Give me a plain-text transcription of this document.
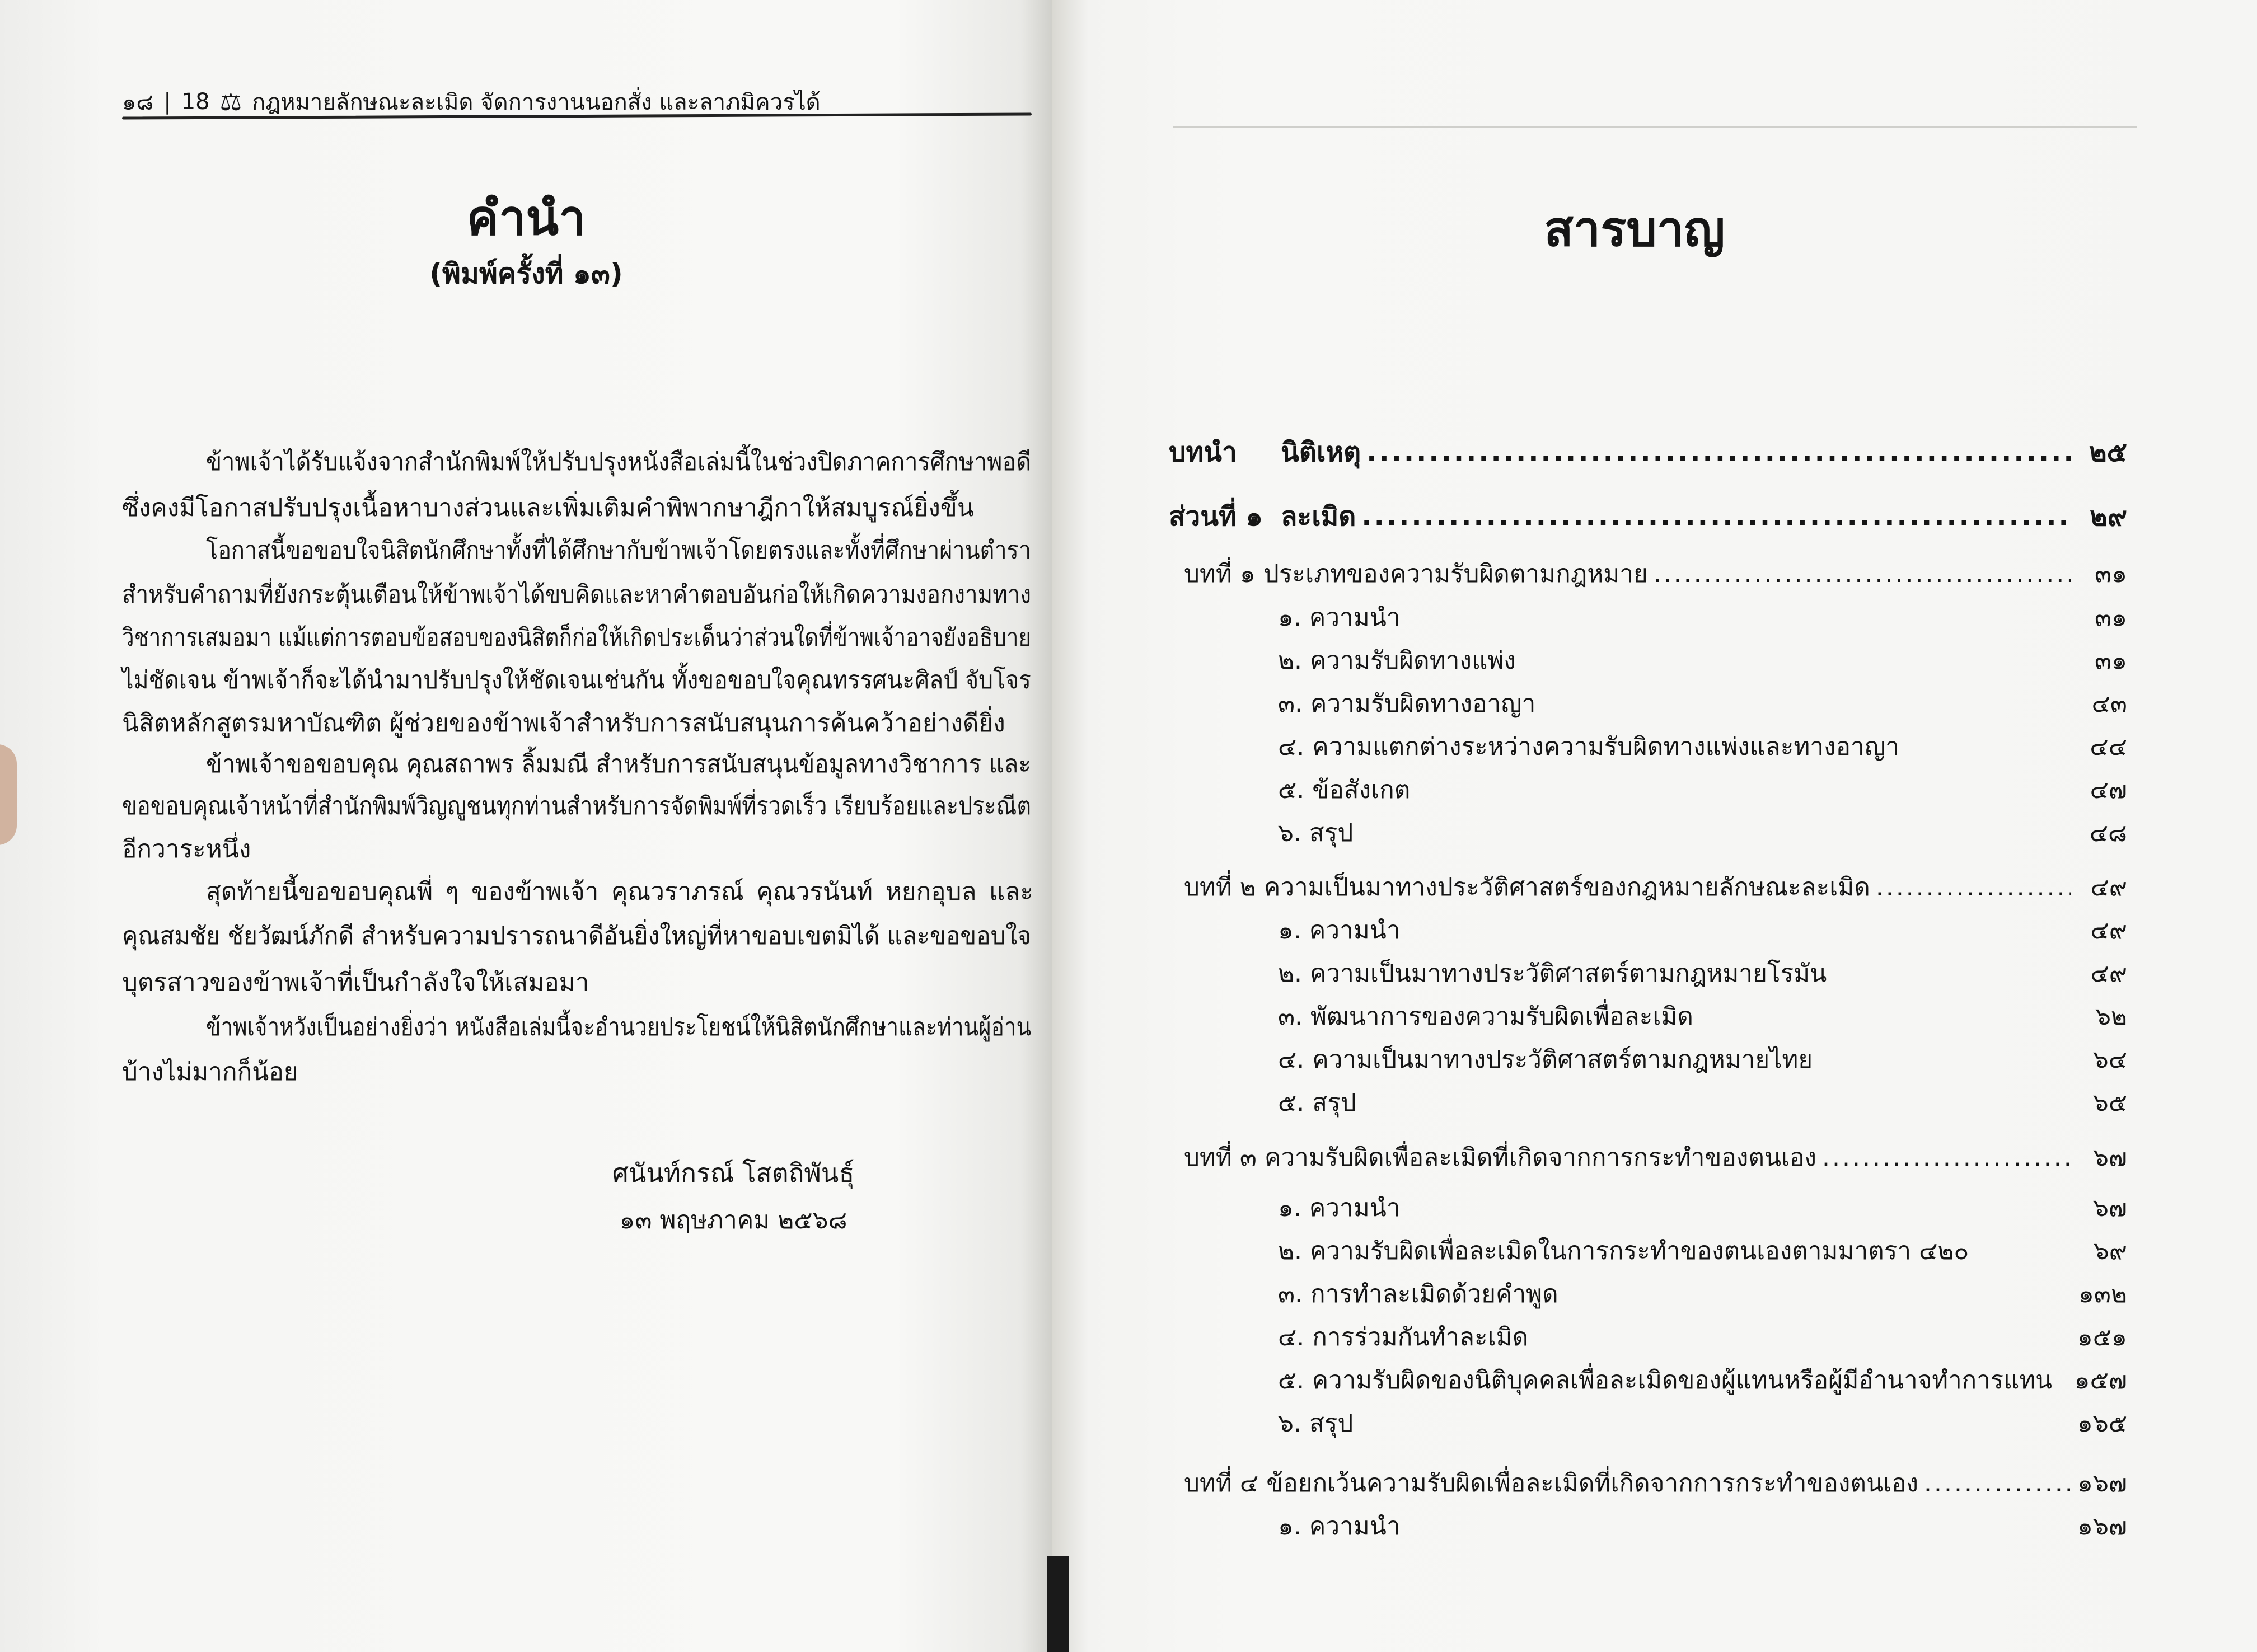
๑๘ | 18 ⚖ กฎหมายลักษณะละเมิด จัดการงานนอกสั่ง และลาภมิควรได้
คำนำ
(พิมพ์ครั้งที่ ๑๓)
ข้าพเจ้าได้รับแจ้งจากสำนักพิมพ์ให้ปรับปรุงหนังสือเล่มนี้ในช่วงปิดภาคการศึกษาพอดี
ซึ่งคงมีโอกาสปรับปรุงเนื้อหาบางส่วนและเพิ่มเติมคำพิพากษาฎีกาให้สมบูรณ์ยิ่งขึ้น
โอกาสนี้ขอขอบใจนิสิตนักศึกษาทั้งที่ได้ศึกษากับข้าพเจ้าโดยตรงและทั้งที่ศึกษาผ่านตำรา
สำหรับคำถามที่ยังกระตุ้นเตือนให้ข้าพเจ้าได้ขบคิดและหาคำตอบอันก่อให้เกิดความงอกงามทาง
วิชาการเสมอมา แม้แต่การตอบข้อสอบของนิสิตก็ก่อให้เกิดประเด็นว่าส่วนใดที่ข้าพเจ้าอาจยังอธิบาย
ไม่ชัดเจน ข้าพเจ้าก็จะได้นำมาปรับปรุงให้ชัดเจนเช่นกัน ทั้งขอขอบใจคุณทรรศนะศิลป์ จับโจร
นิสิตหลักสูตรมหาบัณฑิต ผู้ช่วยของข้าพเจ้าสำหรับการสนับสนุนการค้นคว้าอย่างดียิ่ง
ข้าพเจ้าขอขอบคุณ คุณสถาพร ลิ้มมณี สำหรับการสนับสนุนข้อมูลทางวิชาการ และ
ขอขอบคุณเจ้าหน้าที่สำนักพิมพ์วิญญูชนทุกท่านสำหรับการจัดพิมพ์ที่รวดเร็ว เรียบร้อยและประณีต
อีกวาระหนึ่ง
สุดท้ายนี้ขอขอบคุณพี่ ๆ ของข้าพเจ้า คุณวราภรณ์ คุณวรนันท์ หยกอุบล และ
คุณสมชัย ชัยวัฒน์ภักดี สำหรับความปรารถนาดีอันยิ่งใหญ่ที่หาขอบเขตมิได้ และขอขอบใจ
บุตรสาวของข้าพเจ้าที่เป็นกำลังใจให้เสมอมา
ข้าพเจ้าหวังเป็นอย่างยิ่งว่า หนังสือเล่มนี้จะอำนวยประโยชน์ให้นิสิตนักศึกษาและท่านผู้อ่าน
บ้างไม่มากก็น้อย
ศนันท์กรณ์ โสตถิพันธุ์
๑๓ พฤษภาคม ๒๕๖๘
สารบาญ
บทนำ	นิติเหตุ .....	๒๕
ส่วนที่ ๑ ละเมิด .....	๒๙
บทที่ ๑ ประเภทของความรับผิดตามกฎหมาย .....	๓๑
๑. ความนำ	๓๑
๒. ความรับผิดทางแพ่ง	๓๑
๓. ความรับผิดทางอาญา	๔๓
๔. ความแตกต่างระหว่างความรับผิดทางแพ่งและทางอาญา	๔๔
๕. ข้อสังเกต	๔๗
๖. สรุป	๔๘
บทที่ ๒ ความเป็นมาทางประวัติศาสตร์ของกฎหมายลักษณะละเมิด .....	๔๙
๑. ความนำ	๔๙
๒. ความเป็นมาทางประวัติศาสตร์ตามกฎหมายโรมัน	๔๙
๓. พัฒนาการของความรับผิดเพื่อละเมิด	๖๒
๔. ความเป็นมาทางประวัติศาสตร์ตามกฎหมายไทย	๖๔
๕. สรุป	๖๕
บทที่ ๓ ความรับผิดเพื่อละเมิดที่เกิดจากการกระทำของตนเอง .....	๖๗
๑. ความนำ	๖๗
๒. ความรับผิดเพื่อละเมิดในการกระทำของตนเองตามมาตรา ๔๒๐	๖๙
๓. การทำละเมิดด้วยคำพูด	๑๓๒
๔. การร่วมกันทำละเมิด	๑๕๑
๕. ความรับผิดของนิติบุคคลเพื่อละเมิดของผู้แทนหรือผู้มีอำนาจทำการแทน ๑๕๗
๖. สรุป	๑๖๕
บทที่ ๔ ข้อยกเว้นความรับผิดเพื่อละเมิดที่เกิดจากการกระทำของตนเอง .....	๑๖๗
๑. ความนำ	๑๖๗
